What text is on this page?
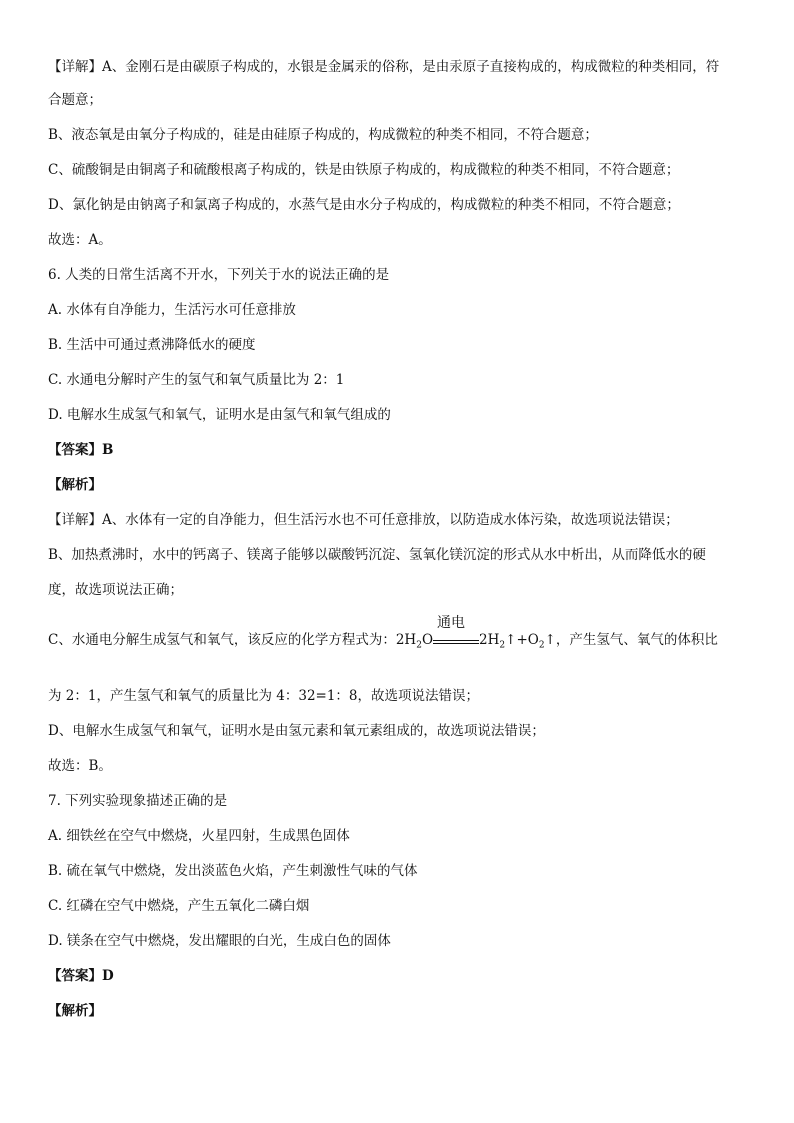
【详解】A、金刚石是由碳原子构成的，水银是金属汞的俗称，是由汞原子直接构成的，构成微粒的种类相同，符
合题意；
B、液态氧是由氧分子构成的，硅是由硅原子构成的，构成微粒的种类不相同，不符合题意；
C、硫酸铜是由铜离子和硫酸根离子构成的，铁是由铁原子构成的，构成微粒的种类不相同，不符合题意；
D、氯化钠是由钠离子和氯离子构成的，水蒸气是由水分子构成的，构成微粒的种类不相同，不符合题意；
故选：A。
6. 人类的日常生活离不开水，下列关于水的说法正确的是
A. 水体有自净能力，生活污水可任意排放
B. 生活中可通过煮沸降低水的硬度
C. 水通电分解时产生的氢气和氧气质量比为 2：1
D. 电解水生成氢气和氧气，证明水是由氢气和氧气组成的
【答案】B
【解析】
【详解】A、水体有一定的自净能力，但生活污水也不可任意排放，以防造成水体污染，故选项说法错误；
B、加热煮沸时，水中的钙离子、镁离子能够以碳酸钙沉淀、氢氧化镁沉淀的形式从水中析出，从而降低水的硬
度，故选项说法正确；
C、水通电分解生成氢气和氧气，该反应的化学方程式为：$2H_2O$
通电
$2H_2↑+O_2↑$，产生氢气、氧气的体积比
为 2：1，产生氢气和氧气的质量比为 4：32=1：8，故选项说法错误；
D、电解水生成氢气和氧气，证明水是由氢元素和氧元素组成的，故选项说法错误；
故选：B。
7. 下列实验现象描述正确的是
A. 细铁丝在空气中燃烧，火星四射，生成黑色固体
B. 硫在氧气中燃烧，发出淡蓝色火焰，产生刺激性气味的气体
C. 红磷在空气中燃烧，产生五氧化二磷白烟
D. 镁条在空气中燃烧，发出耀眼的白光，生成白色的固体
【答案】D
【解析】
